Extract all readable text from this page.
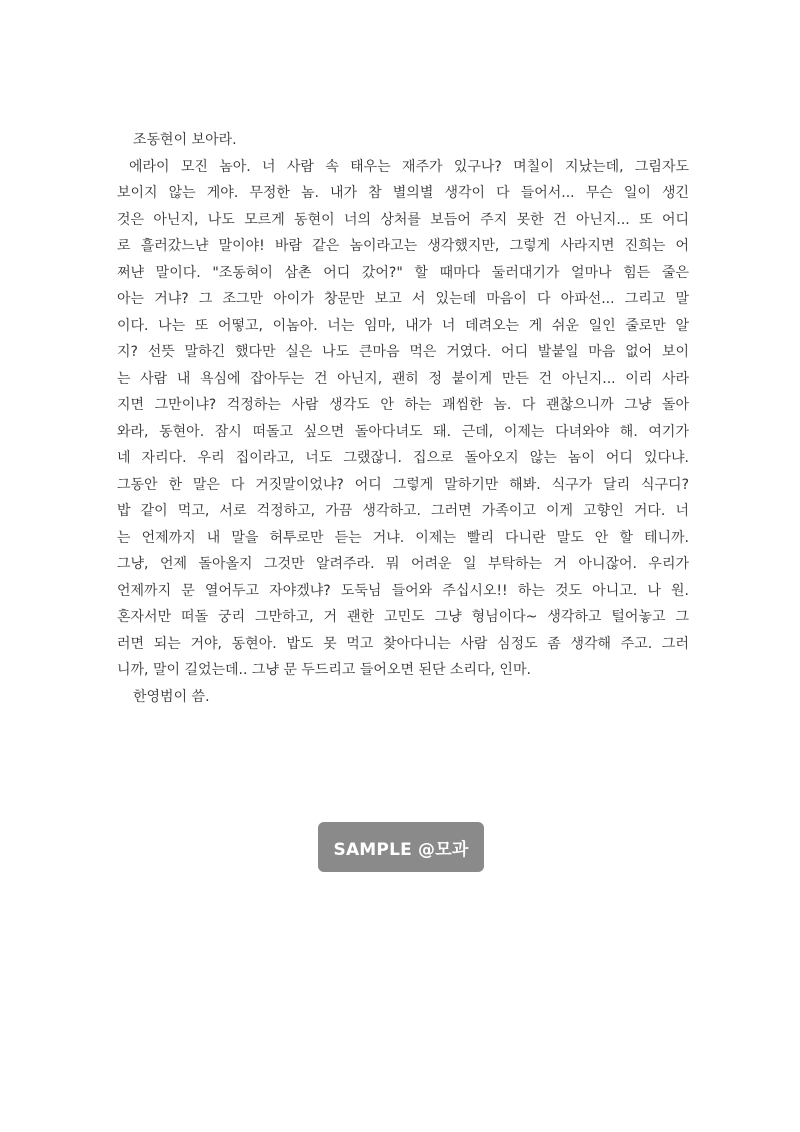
조동현이 보아라.
에라이 모진 놈아. 너 사람 속 태우는 재주가 있구나? 며칠이 지났는데, 그림자도
보이지 않는 게야. 무정한 놈. 내가 참 별의별 생각이 다 들어서... 무슨 일이 생긴
것은 아닌지, 나도 모르게 동현이 너의 상처를 보듬어 주지 못한 건 아닌지... 또 어디
로 흘러갔느냔 말이야! 바람 같은 놈이라고는 생각했지만, 그렇게 사라지면 진희는 어
쩌냔 말이다. "조동혀이 삼촌 어디 갔어?" 할 때마다 둘러대기가 얼마나 힘든 줄은
아는 거냐? 그 조그만 아이가 창문만 보고 서 있는데 마음이 다 아파선... 그리고 말
이다. 나는 또 어떻고, 이놈아. 너는 임마, 내가 너 데려오는 게 쉬운 일인 줄로만 알
지? 선뜻 말하긴 했다만 실은 나도 큰마음 먹은 거였다. 어디 발붙일 마음 없어 보이
는 사람 내 욕심에 잡아두는 건 아닌지, 괜히 정 붙이게 만든 건 아닌지... 이리 사라
지면 그만이냐? 걱정하는 사람 생각도 안 하는 괘씸한 놈. 다 괜찮으니까 그냥 돌아
와라, 동현아. 잠시 떠돌고 싶으면 돌아다녀도 돼. 근데, 이제는 다녀와야 해. 여기가
네 자리다. 우리 집이라고, 너도 그랬잖니. 집으로 돌아오지 않는 놈이 어디 있다냐.
그동안 한 말은 다 거짓말이었냐? 어디 그렇게 말하기만 해봐. 식구가 달리 식구디?
밥 같이 먹고, 서로 걱정하고, 가끔 생각하고. 그러면 가족이고 이게 고향인 거다. 너
는 언제까지 내 말을 허투로만 듣는 거냐. 이제는 빨리 다니란 말도 안 할 테니까.
그냥, 언제 돌아올지 그것만 알려주라. 뭐 어려운 일 부탁하는 거 아니잖어. 우리가
언제까지 문 열어두고 자야겠냐? 도둑님 들어와 주십시오!! 하는 것도 아니고. 나 원.
혼자서만 떠돌 궁리 그만하고, 거 괜한 고민도 그냥 형님이다~ 생각하고 털어놓고 그
러면 되는 거야, 동현아. 밥도 못 먹고 찾아다니는 사람 심정도 좀 생각해 주고. 그러
니까, 말이 길었는데.. 그냥 문 두드리고 들어오면 된단 소리다, 인마.
한영범이 씀.
SAMPLE @모과
